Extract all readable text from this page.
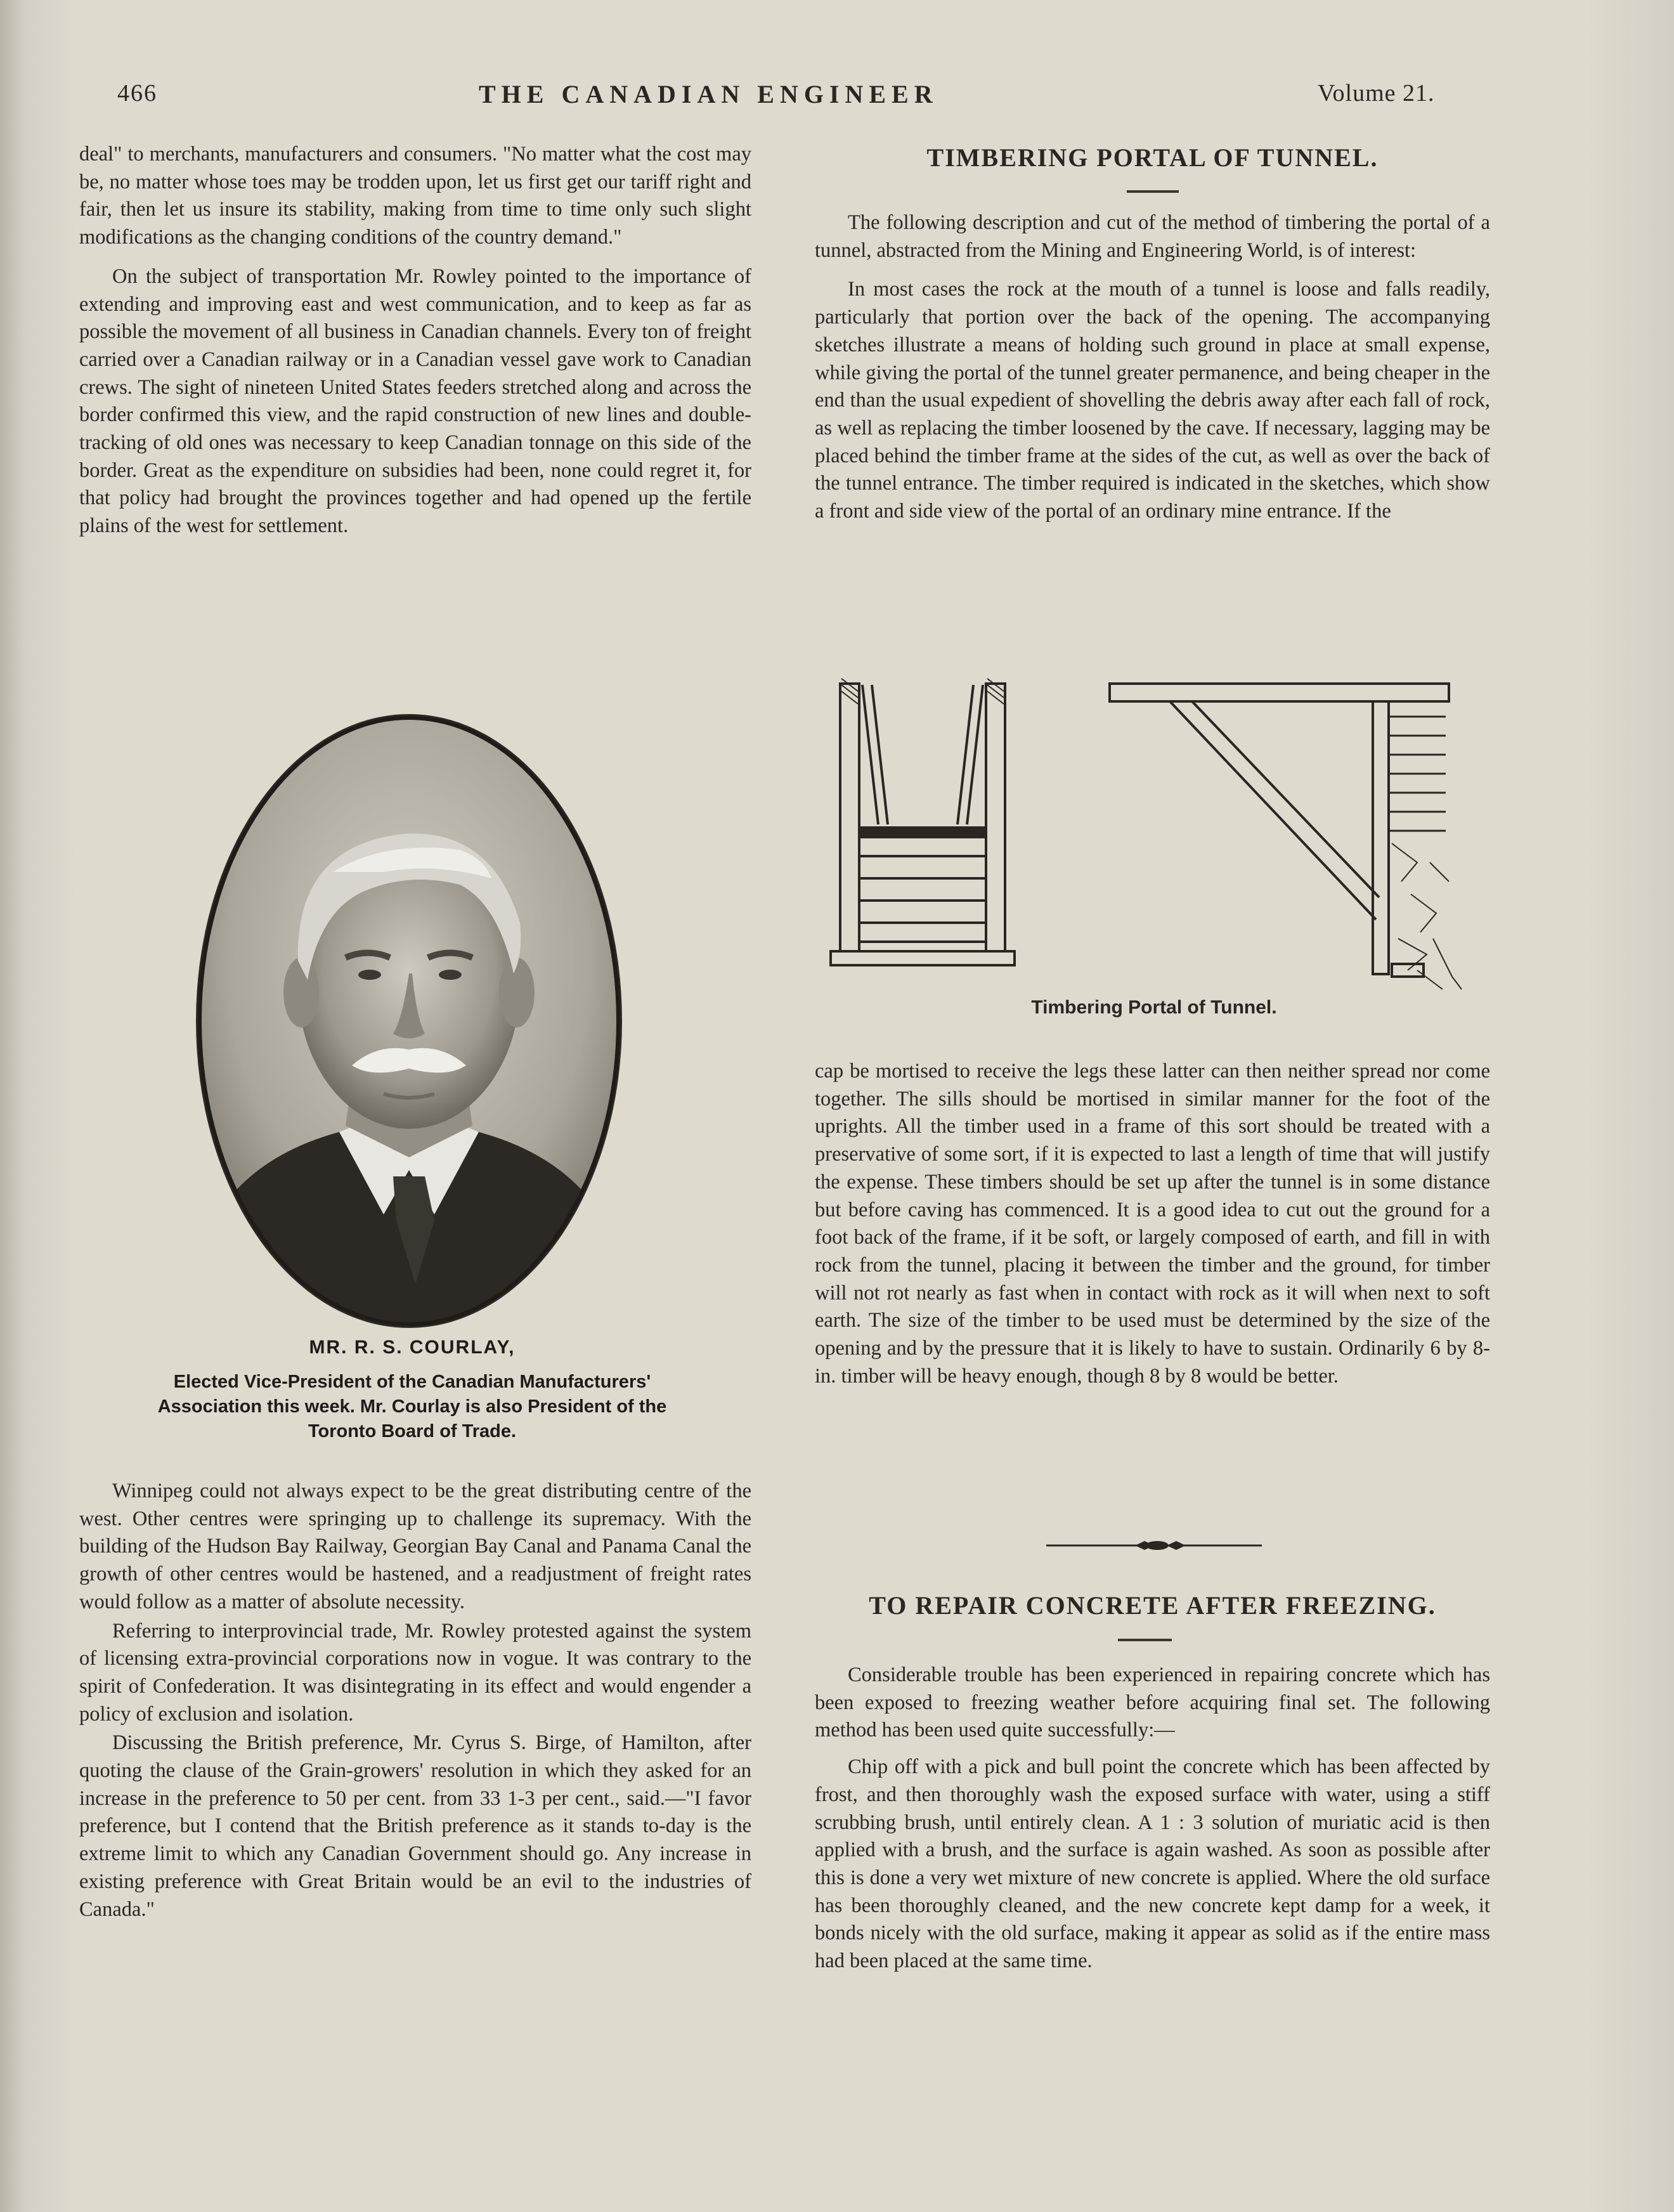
466	THE CANADIAN ENGINEER	Volume 21.

deal" to merchants, manufacturers and consumers. "No matter what the cost may be, no matter whose toes may be trodden upon, let us first get our tariff right and fair, then let us insure its stability, making from time to time only such slight modifications as the changing conditions of the country demand."

On the subject of transportation Mr. Rowley pointed to the importance of extending and improving east and west communication, and to keep as far as possible the movement of all business in Canadian channels. Every ton of freight carried over a Canadian railway or in a Canadian vessel gave work to Canadian crews. The sight of nineteen United States feeders stretched along and across the border confirmed this view, and the rapid construction of new lines and double-tracking of old ones was necessary to keep Canadian tonnage on this side of the border. Great as the expenditure on subsidies had been, none could regret it, for that policy had brought the provinces together and had opened up the fertile plains of the west for settlement.

MR. R. S. COURLAY,
Elected Vice-President of the Canadian Manufacturers' Association this week. Mr. Courlay is also President of the Toronto Board of Trade.

Winnipeg could not always expect to be the great distributing centre of the west. Other centres were springing up to challenge its supremacy. With the building of the Hudson Bay Railway, Georgian Bay Canal and Panama Canal the growth of other centres would be hastened, and a readjustment of freight rates would follow as a matter of absolute necessity.

Referring to interprovincial trade, Mr. Rowley protested against the system of licensing extra-provincial corporations now in vogue. It was contrary to the spirit of Confederation. It was disintegrating in its effect and would engender a policy of exclusion and isolation.

Discussing the British preference, Mr. Cyrus S. Birge, of Hamilton, after quoting the clause of the Grain-growers' resolution in which they asked for an increase in the preference to 50 per cent. from 33 1-3 per cent., said.—"I favor preference, but I contend that the British preference as it stands to-day is the extreme limit to which any Canadian Government should go. Any increase in existing preference with Great Britain would be an evil to the industries of Canada."

TIMBERING PORTAL OF TUNNEL.

The following description and cut of the method of timbering the portal of a tunnel, abstracted from the Mining and Engineering World, is of interest:

In most cases the rock at the mouth of a tunnel is loose and falls readily, particularly that portion over the back of the opening. The accompanying sketches illustrate a means of holding such ground in place at small expense, while giving the portal of the tunnel greater permanence, and being cheaper in the end than the usual expedient of shovelling the debris away after each fall of rock, as well as replacing the timber loosened by the cave. If necessary, lagging may be placed behind the timber frame at the sides of the cut, as well as over the back of the tunnel entrance. The timber required is indicated in the sketches, which show a front and side view of the portal of an ordinary mine entrance. If the

Timbering Portal of Tunnel.

cap be mortised to receive the legs these latter can then neither spread nor come together. The sills should be mortised in similar manner for the foot of the uprights. All the timber used in a frame of this sort should be treated with a preservative of some sort, if it is expected to last a length of time that will justify the expense. These timbers should be set up after the tunnel is in some distance but before caving has commenced. It is a good idea to cut out the ground for a foot back of the frame, if it be soft, or largely composed of earth, and fill in with rock from the tunnel, placing it between the timber and the ground, for timber will not rot nearly as fast when in contact with rock as it will when next to soft earth. The size of the timber to be used must be determined by the size of the opening and by the pressure that it is likely to have to sustain. Ordinarily 6 by 8-in. timber will be heavy enough, though 8 by 8 would be better.

TO REPAIR CONCRETE AFTER FREEZING.

Considerable trouble has been experienced in repairing concrete which has been exposed to freezing weather before acquiring final set. The following method has been used quite successfully:—

Chip off with a pick and bull point the concrete which has been affected by frost, and then thoroughly wash the exposed surface with water, using a stiff scrubbing brush, until entirely clean. A 1 : 3 solution of muriatic acid is then applied with a brush, and the surface is again washed. As soon as possible after this is done a very wet mixture of new concrete is applied. Where the old surface has been thoroughly cleaned, and the new concrete kept damp for a week, it bonds nicely with the old surface, making it appear as solid as if the entire mass had been placed at the same time.
